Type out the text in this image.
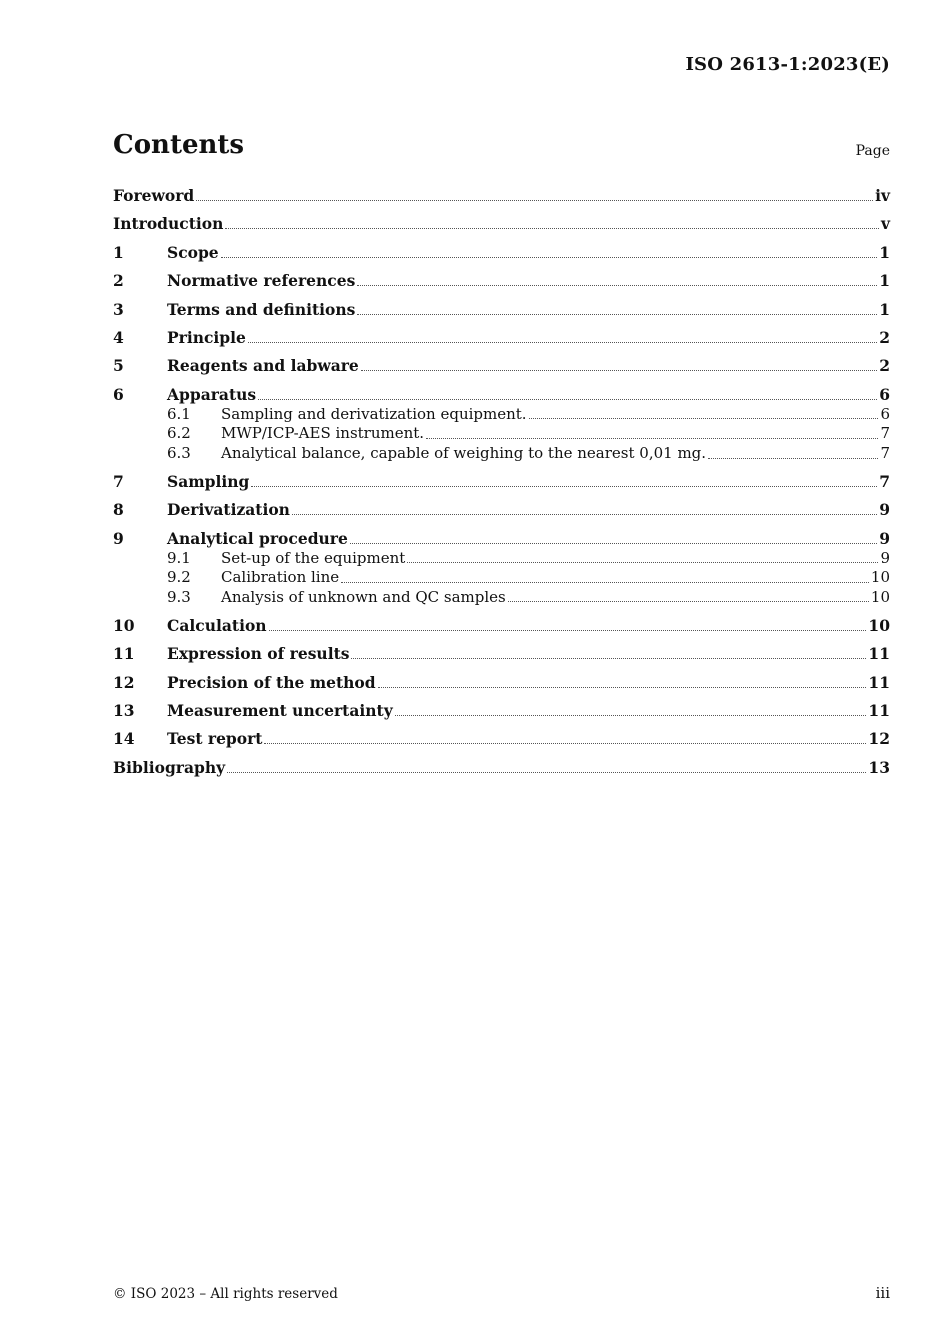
ISO 2613-1:2023(E)
Contents	Page
Foreword	iv
Introduction	v
1	Scope	1
2	Normative references	1
3	Terms and definitions	1
4	Principle	2
5	Reagents and labware	2
6	Apparatus	6
6.1	Sampling and derivatization equipment.	6
6.2	MWP/ICP-AES instrument.	7
6.3	Analytical balance, capable of weighing to the nearest 0,01 mg.	7
7	Sampling	7
8	Derivatization	9
9	Analytical procedure	9
9.1	Set-up of the equipment	9
9.2	Calibration line	10
9.3	Analysis of unknown and QC samples	10
10	Calculation	10
11	Expression of results	11
12	Precision of the method	11
13	Measurement uncertainty	11
14	Test report	12
Bibliography	13
© ISO 2023 – All rights reserved	iii
